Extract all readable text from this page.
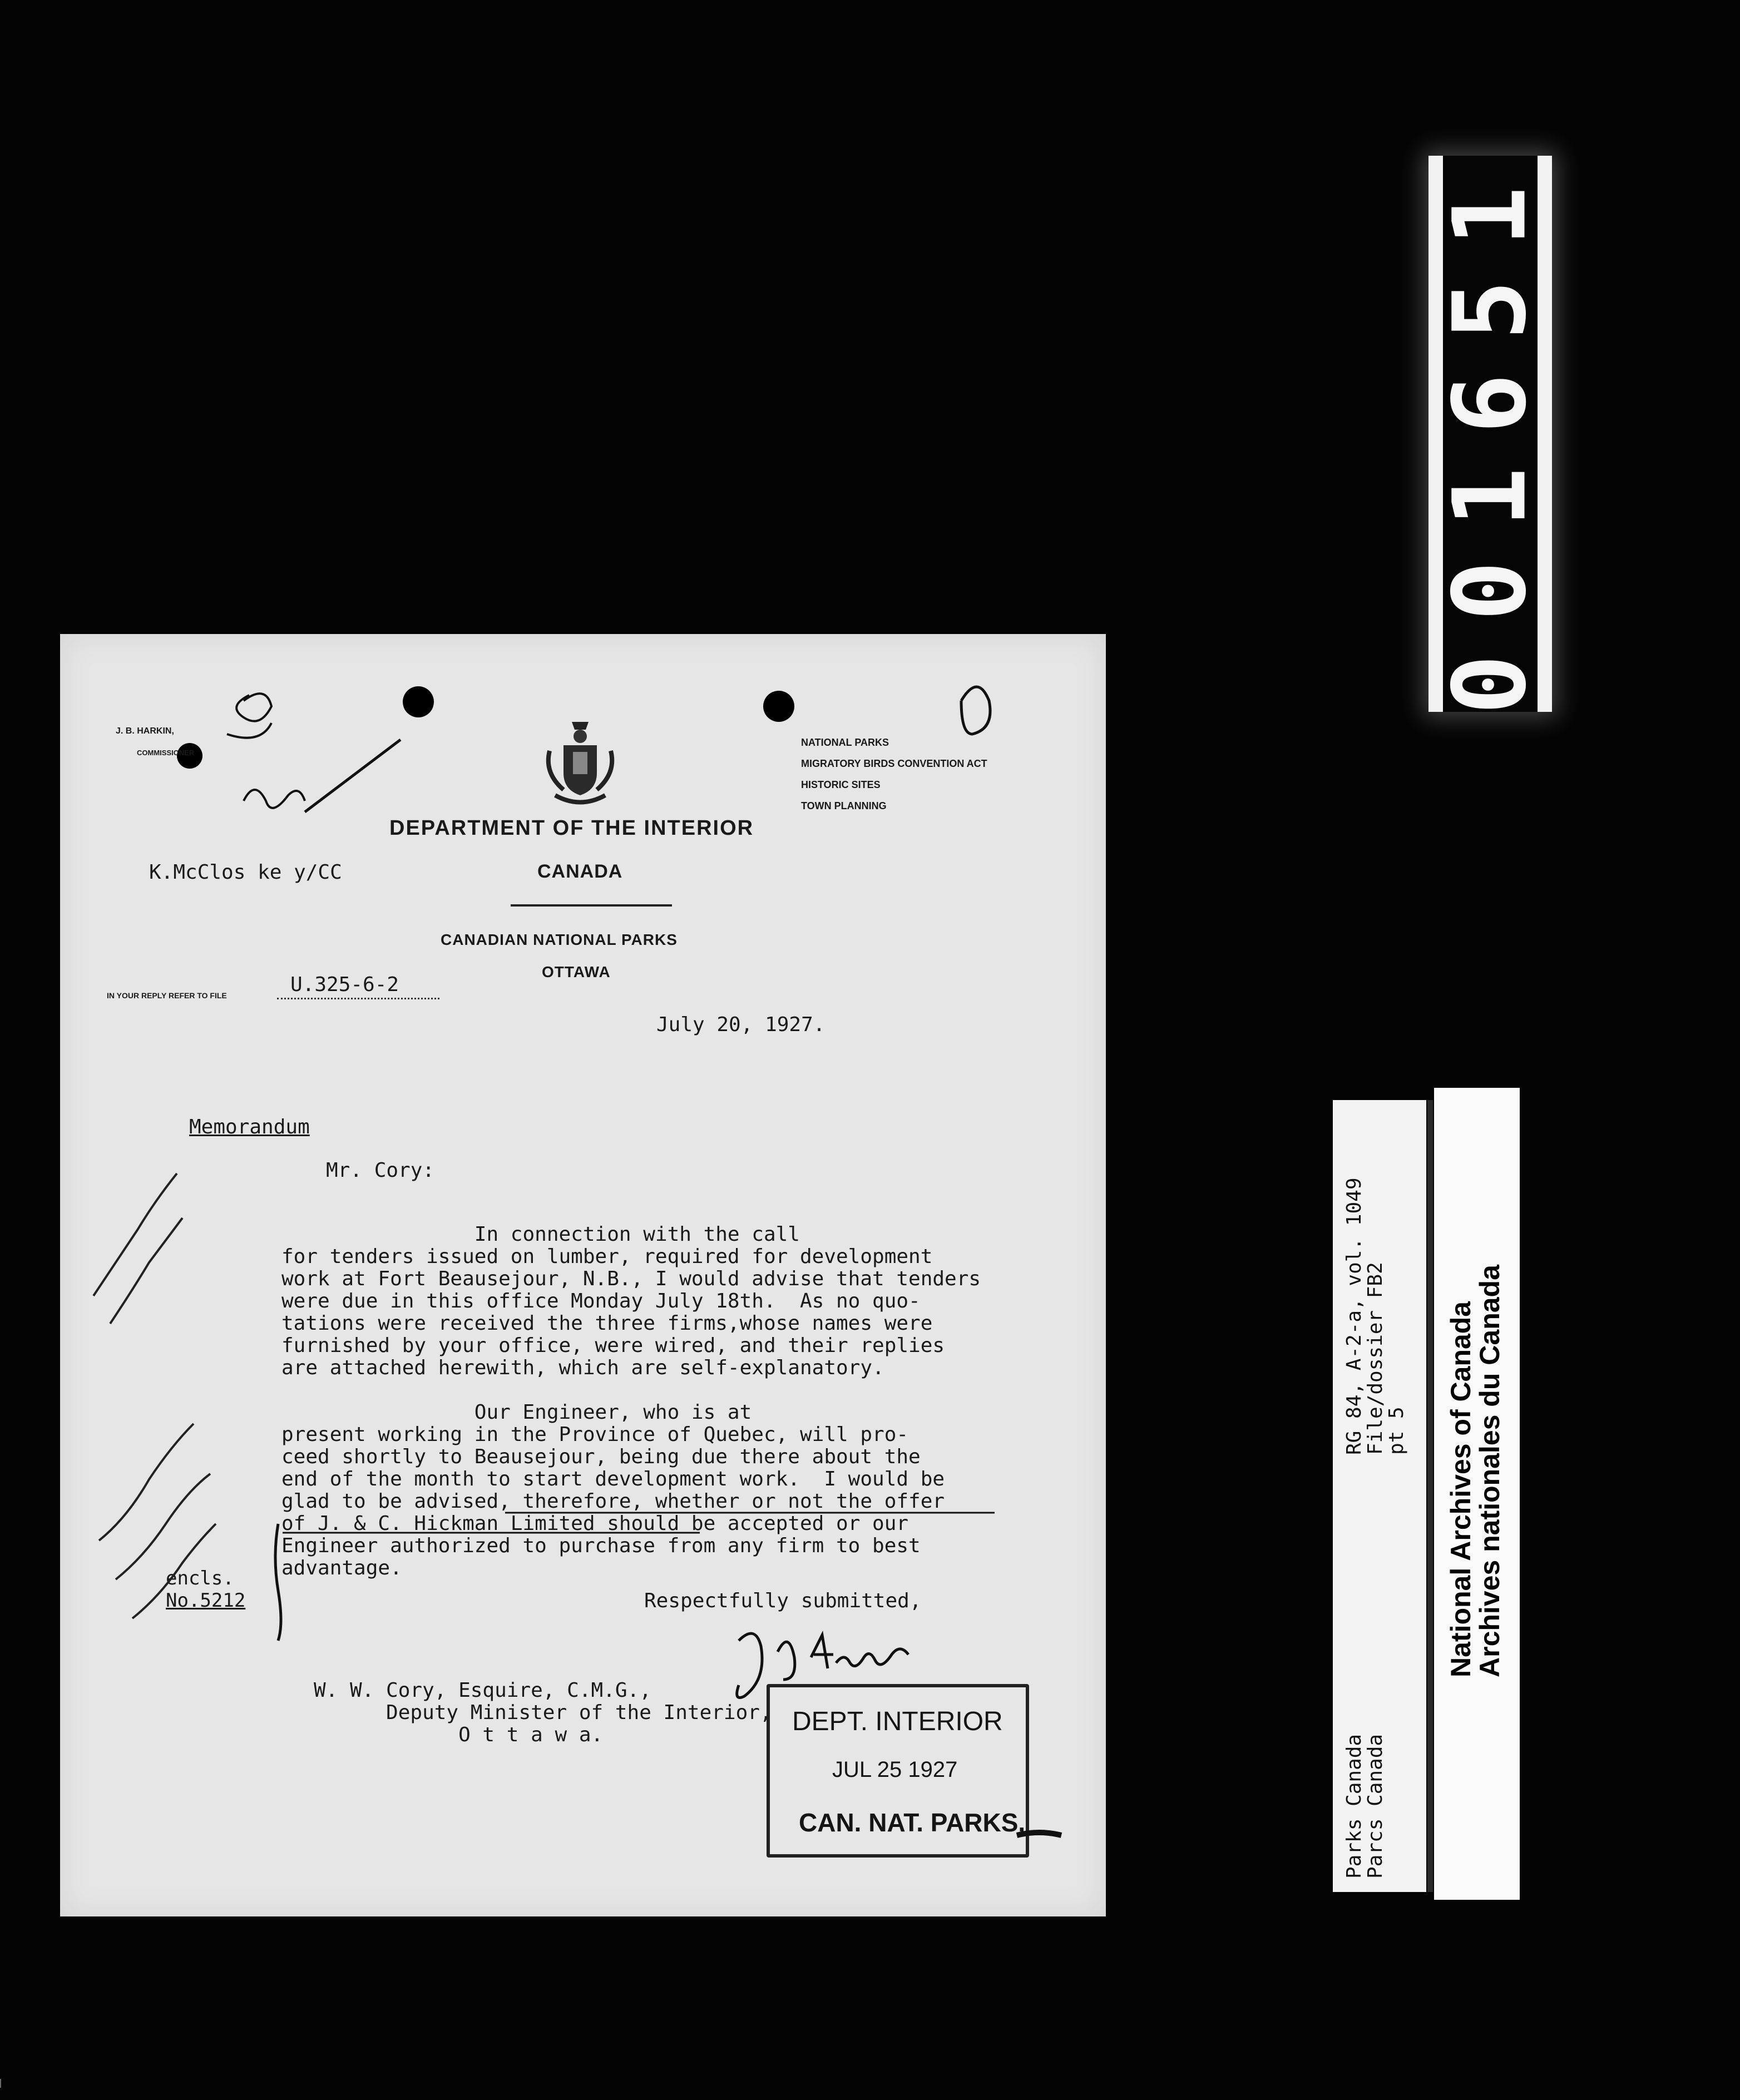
001651
RG 84, A-2-a, vol. 1049
File/dossier FB2
pt 5
Parks Canada
Parcs Canada
National Archives of Canada
Archives nationales du Canada
J. B. HARKIN,
COMMISSIONER
NATIONAL PARKS
MIGRATORY BIRDS CONVENTION ACT
HISTORIC SITES
TOWN PLANNING
DEPARTMENT OF THE INTERIOR
CANADA
CANADIAN NATIONAL PARKS
OTTAWA
K.McClos ke y/CC
IN YOUR REPLY REFER TO FILE	U.325-6-2
July 20, 1927.
Memorandum
Mr. Cory:
In connection with the call
for tenders issued on lumber, required for development
work at Fort Beausejour, N.B., I would advise that tenders
were due in this office Monday July 18th.  As no quo-
tations were received the three firms,whose names were
furnished by your office, were wired, and their replies
are attached herewith, which are self-explanatory.

Our Engineer, who is at
present working in the Province of Quebec, will pro-
ceed shortly to Beausejour, being due there about the
end of the month to start development work.  I would be
glad to be advised, therefore, whether or not the offer
of J. & C. Hickman Limited should be accepted or our
Engineer authorized to purchase from any firm to best
advantage.
encls.
No.5212	Respectfully submitted,
W. W. Cory, Esquire, C.M.G.,
Deputy Minister of the Interior,
O t t a w a.	DEPT. INTERIOR
JUL 25 1927
CAN. NAT. PARKS.
